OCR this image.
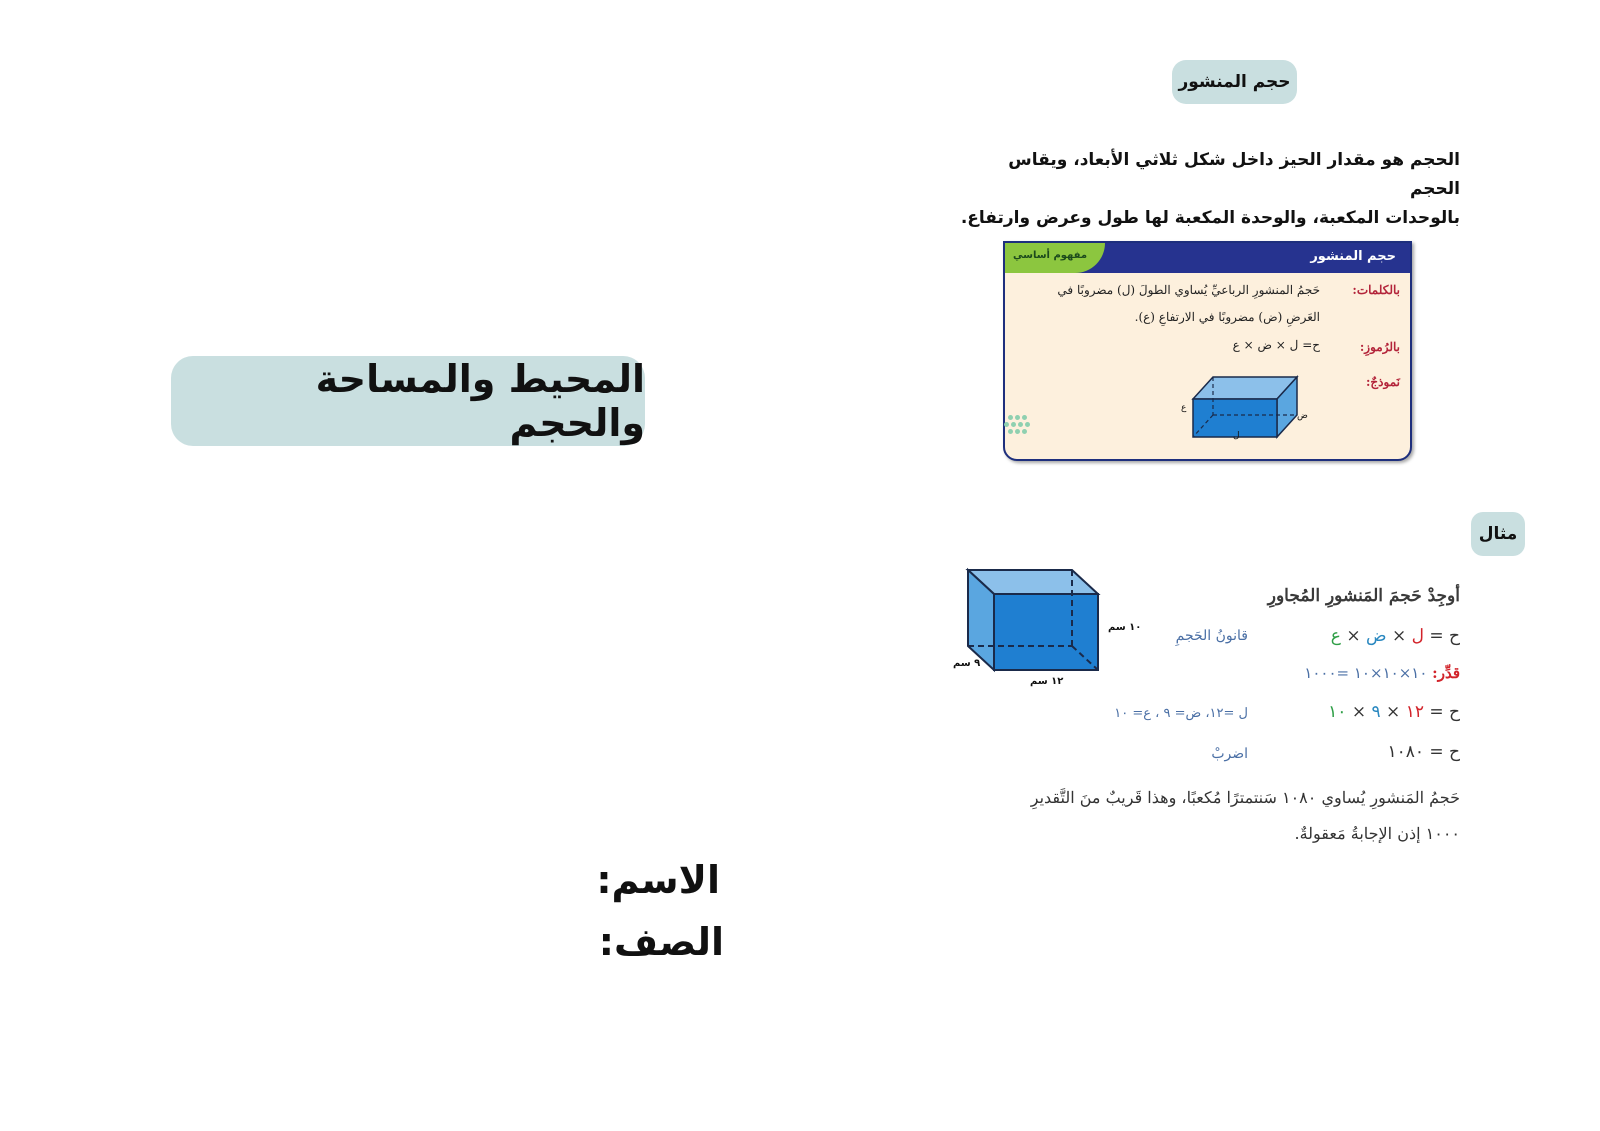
المحيط والمساحة والحجم
الاسم:
الصف:
حجم المنشور
الحجم هو مقدار الحيز داخل شكل ثلاثي الأبعاد، ويقاس الحجم
بالوحدات المكعبة، والوحدة المكعبة لها طول وعرض وارتفاع.
مفهوم أساسي	حجم المنشور
بالكلمات:
حَجمُ المنشورِ الرباعيِّ يُساوي الطولَ (ل) مضروبًا في
العَرضِ (ض) مضروبًا في الارتفاعِ (ع).
بالرُموزِ:
ح= ل × ض × ع
نَموذجٌ:
ع
ض
ل
مثال
١٠ سم
٩ سم
١٢ سم
أوجِدْ حَجمَ المَنشورِ المُجاورِ
ح = ل × ض × ع
قانونُ الحَجمِ
قدِّر: ١٠×١٠×١٠ =١٠٠٠
ح = ١٢ × ٩ × ١٠
ل =١٢، ض= ٩ ، ع= ١٠
ح = ١٠٨٠
اضربْ
حَجمُ المَنشورِ يُساوي ١٠٨٠ سَنتمترًا مُكعبًا، وهذا قَريبٌ منَ التَّقديرِ
١٠٠٠ إذن الإجابةُ مَعقولةٌ.
